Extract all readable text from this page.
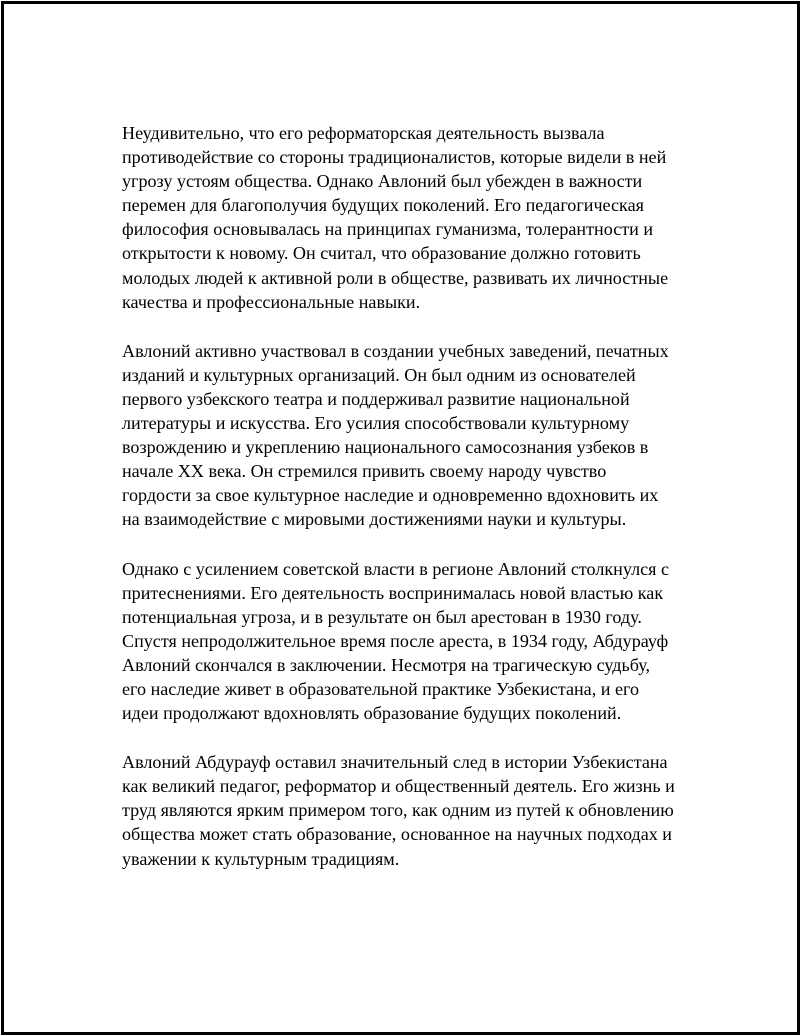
Неудивительно, что его реформаторская деятельность вызвала
противодействие со стороны традиционалистов, которые видели в ней
угрозу устоям общества. Однако Авлоний был убежден в важности
перемен для благополучия будущих поколений. Его педагогическая
философия основывалась на принципах гуманизма, толерантности и
открытости к новому. Он считал, что образование должно готовить
молодых людей к активной роли в обществе, развивать их личностные
качества и профессиональные навыки.

Авлоний активно участвовал в создании учебных заведений, печатных
изданий и культурных организаций. Он был одним из основателей
первого узбекского театра и поддерживал развитие национальной
литературы и искусства. Его усилия способствовали культурному
возрождению и укреплению национального самосознания узбеков в
начале XX века. Он стремился привить своему народу чувство
гордости за свое культурное наследие и одновременно вдохновить их
на взаимодействие с мировыми достижениями науки и культуры.

Однако с усилением советской власти в регионе Авлоний столкнулся с
притеснениями. Его деятельность воспринималась новой властью как
потенциальная угроза, и в результате он был арестован в 1930 году.
Спустя непродолжительное время после ареста, в 1934 году, Абдурауф
Авлоний скончался в заключении. Несмотря на трагическую судьбу,
его наследие живет в образовательной практике Узбекистана, и его
идеи продолжают вдохновлять образование будущих поколений.

Авлоний Абдурауф оставил значительный след в истории Узбекистана
как великий педагог, реформатор и общественный деятель. Его жизнь и
труд являются ярким примером того, как одним из путей к обновлению
общества может стать образование, основанное на научных подходах и
уважении к культурным традициям.
